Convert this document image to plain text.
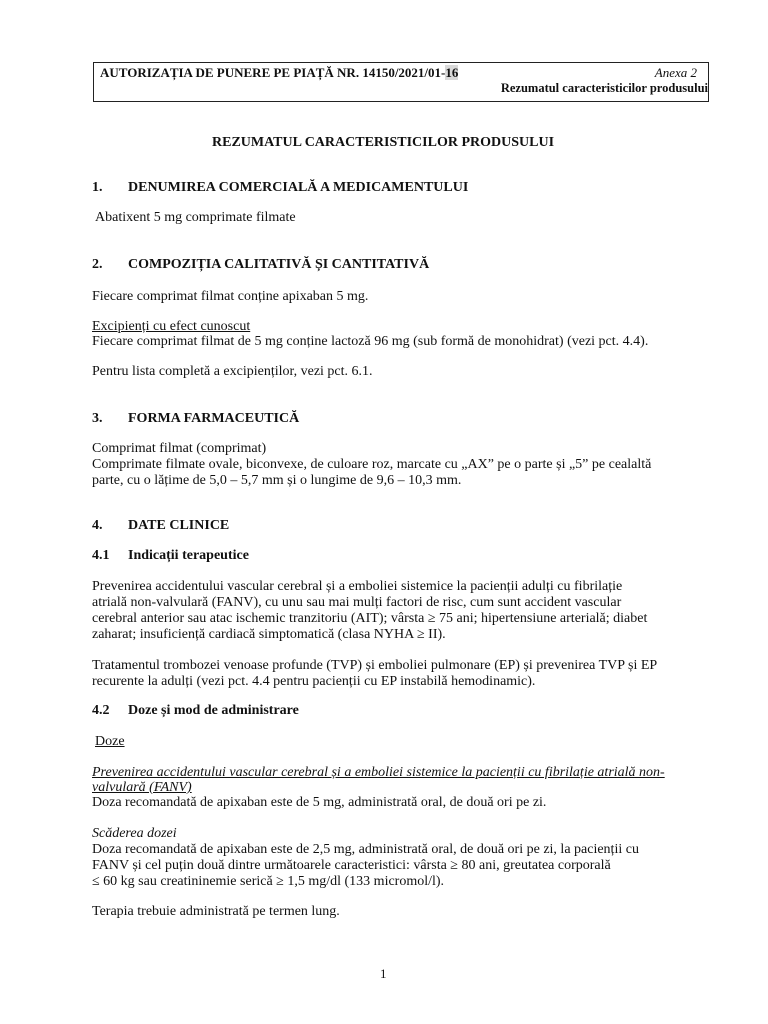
AUTORIZAȚIA DE PUNERE PE PIAȚĂ NR. 14150/2021/01-16	Anexa 2
Rezumatul caracteristicilor produsului
REZUMATUL CARACTERISTICILOR PRODUSULUI
1. DENUMIREA COMERCIALĂ A MEDICAMENTULUI
Abatixent 5 mg comprimate filmate
2. COMPOZIȚIA CALITATIVĂ ȘI CANTITATIVĂ
Fiecare comprimat filmat conține apixaban 5 mg.
Excipienți cu efect cunoscut
Fiecare comprimat filmat de 5 mg conține lactoză 96 mg (sub formă de monohidrat) (vezi pct. 4.4).
Pentru lista completă a excipienților, vezi pct. 6.1.
3. FORMA FARMACEUTICĂ
Comprimat filmat (comprimat)
Comprimate filmate ovale, biconvexe, de culoare roz, marcate cu „AX” pe o parte și „5” pe cealaltă
parte, cu o lățime de 5,0 – 5,7 mm și o lungime de 9,6 – 10,3 mm.
4. DATE CLINICE
4.1 Indicații terapeutice
Prevenirea accidentului vascular cerebral și a emboliei sistemice la pacienții adulți cu fibrilație
atrială non-valvulară (FANV), cu unu sau mai mulți factori de risc, cum sunt accident vascular
cerebral anterior sau atac ischemic tranzitoriu (AIT); vârsta ≥ 75 ani; hipertensiune arterială; diabet
zaharat; insuficiență cardiacă simptomatică (clasa NYHA ≥ II).
Tratamentul trombozei venoase profunde (TVP) și emboliei pulmonare (EP) și prevenirea TVP și EP
recurente la adulți (vezi pct. 4.4 pentru pacienții cu EP instabilă hemodinamic).
4.2 Doze și mod de administrare
Doze
Prevenirea accidentului vascular cerebral și a emboliei sistemice la pacienții cu fibrilație atrială non-
valvulară (FANV)
Doza recomandată de apixaban este de 5 mg, administrată oral, de două ori pe zi.
Scăderea dozei
Doza recomandată de apixaban este de 2,5 mg, administrată oral, de două ori pe zi, la pacienții cu
FANV și cel puțin două dintre următoarele caracteristici: vârsta ≥ 80 ani, greutatea corporală
≤ 60 kg sau creatininemie serică ≥ 1,5 mg/dl (133 micromol/l).
Terapia trebuie administrată pe termen lung.
1
